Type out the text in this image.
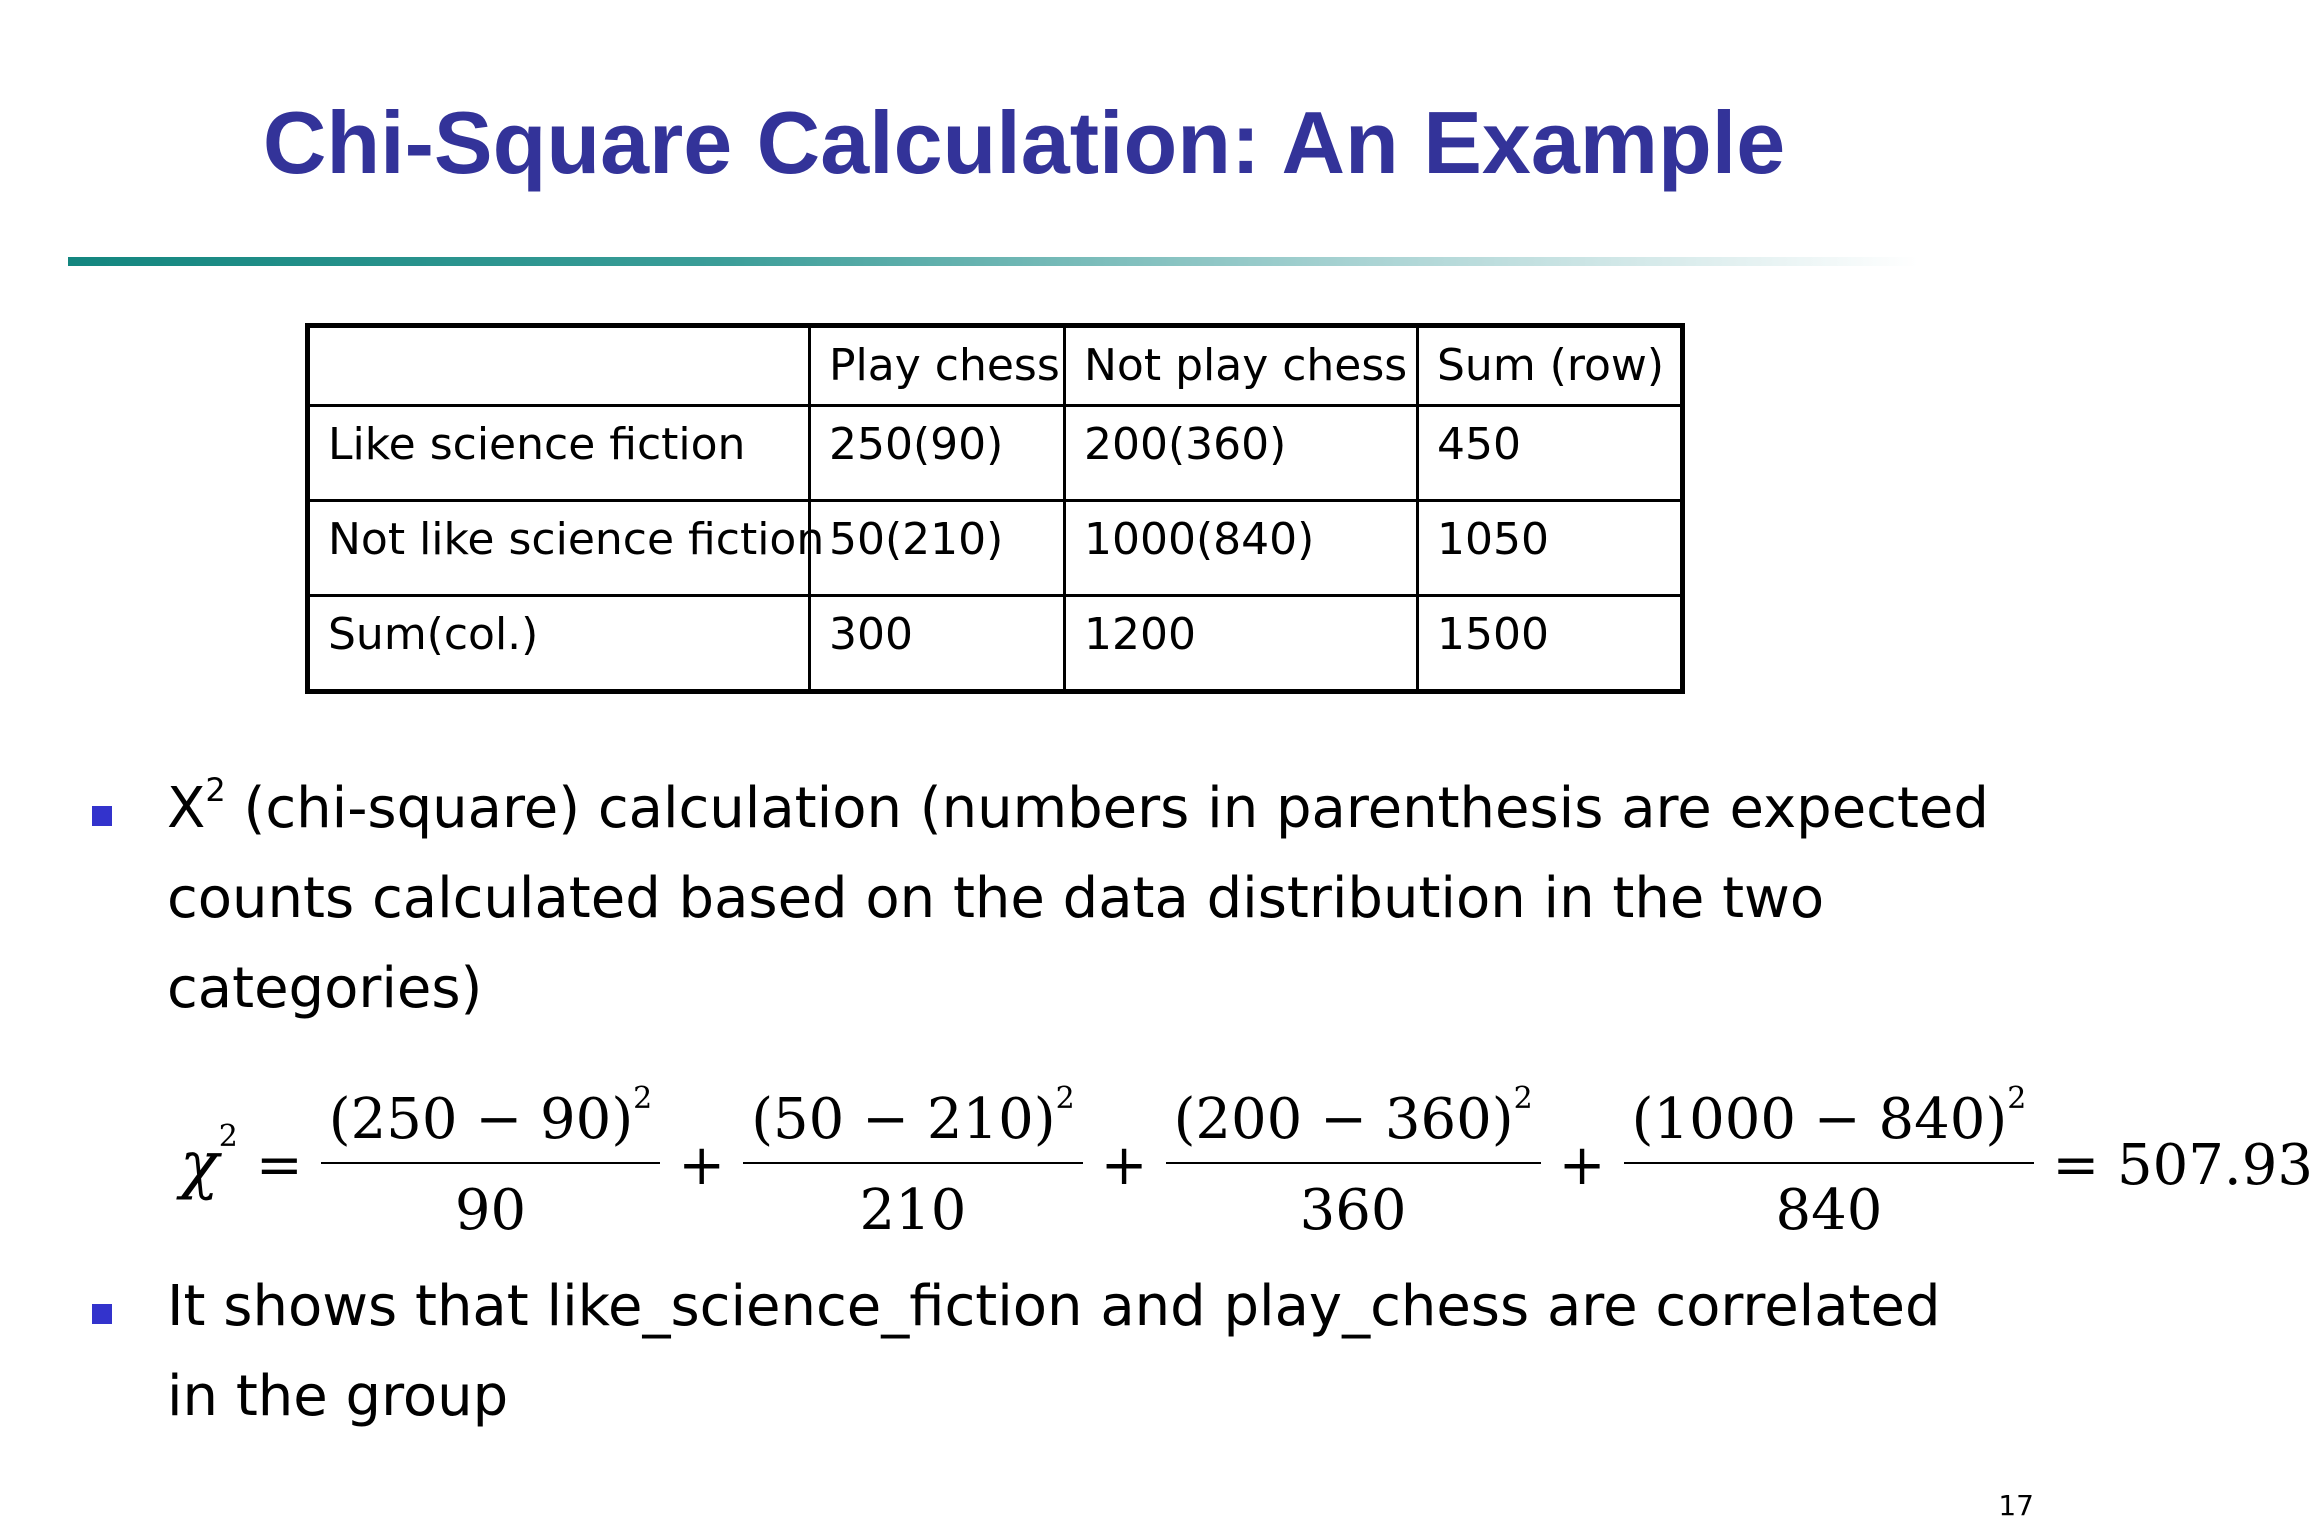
Chi-Square Calculation: An Example
	Play chess	Not play chess	Sum (row)
Like science fiction	250(90)	200(360)	450
Not like science fiction	50(210)	1000(840)	1050
Sum(col.)	300	1200	1500

$X^2$ (chi-square) calculation (numbers in parenthesis are expected counts calculated based on the data distribution in the two categories)

$\chi^2 = \frac{(250 - 90)^2}{90} + \frac{(50 - 210)^2}{210} + \frac{(200 - 360)^2}{360} + \frac{(1000 - 840)^2}{840} = 507.93$

It shows that like_science_fiction and play_chess are correlated in the group

17
